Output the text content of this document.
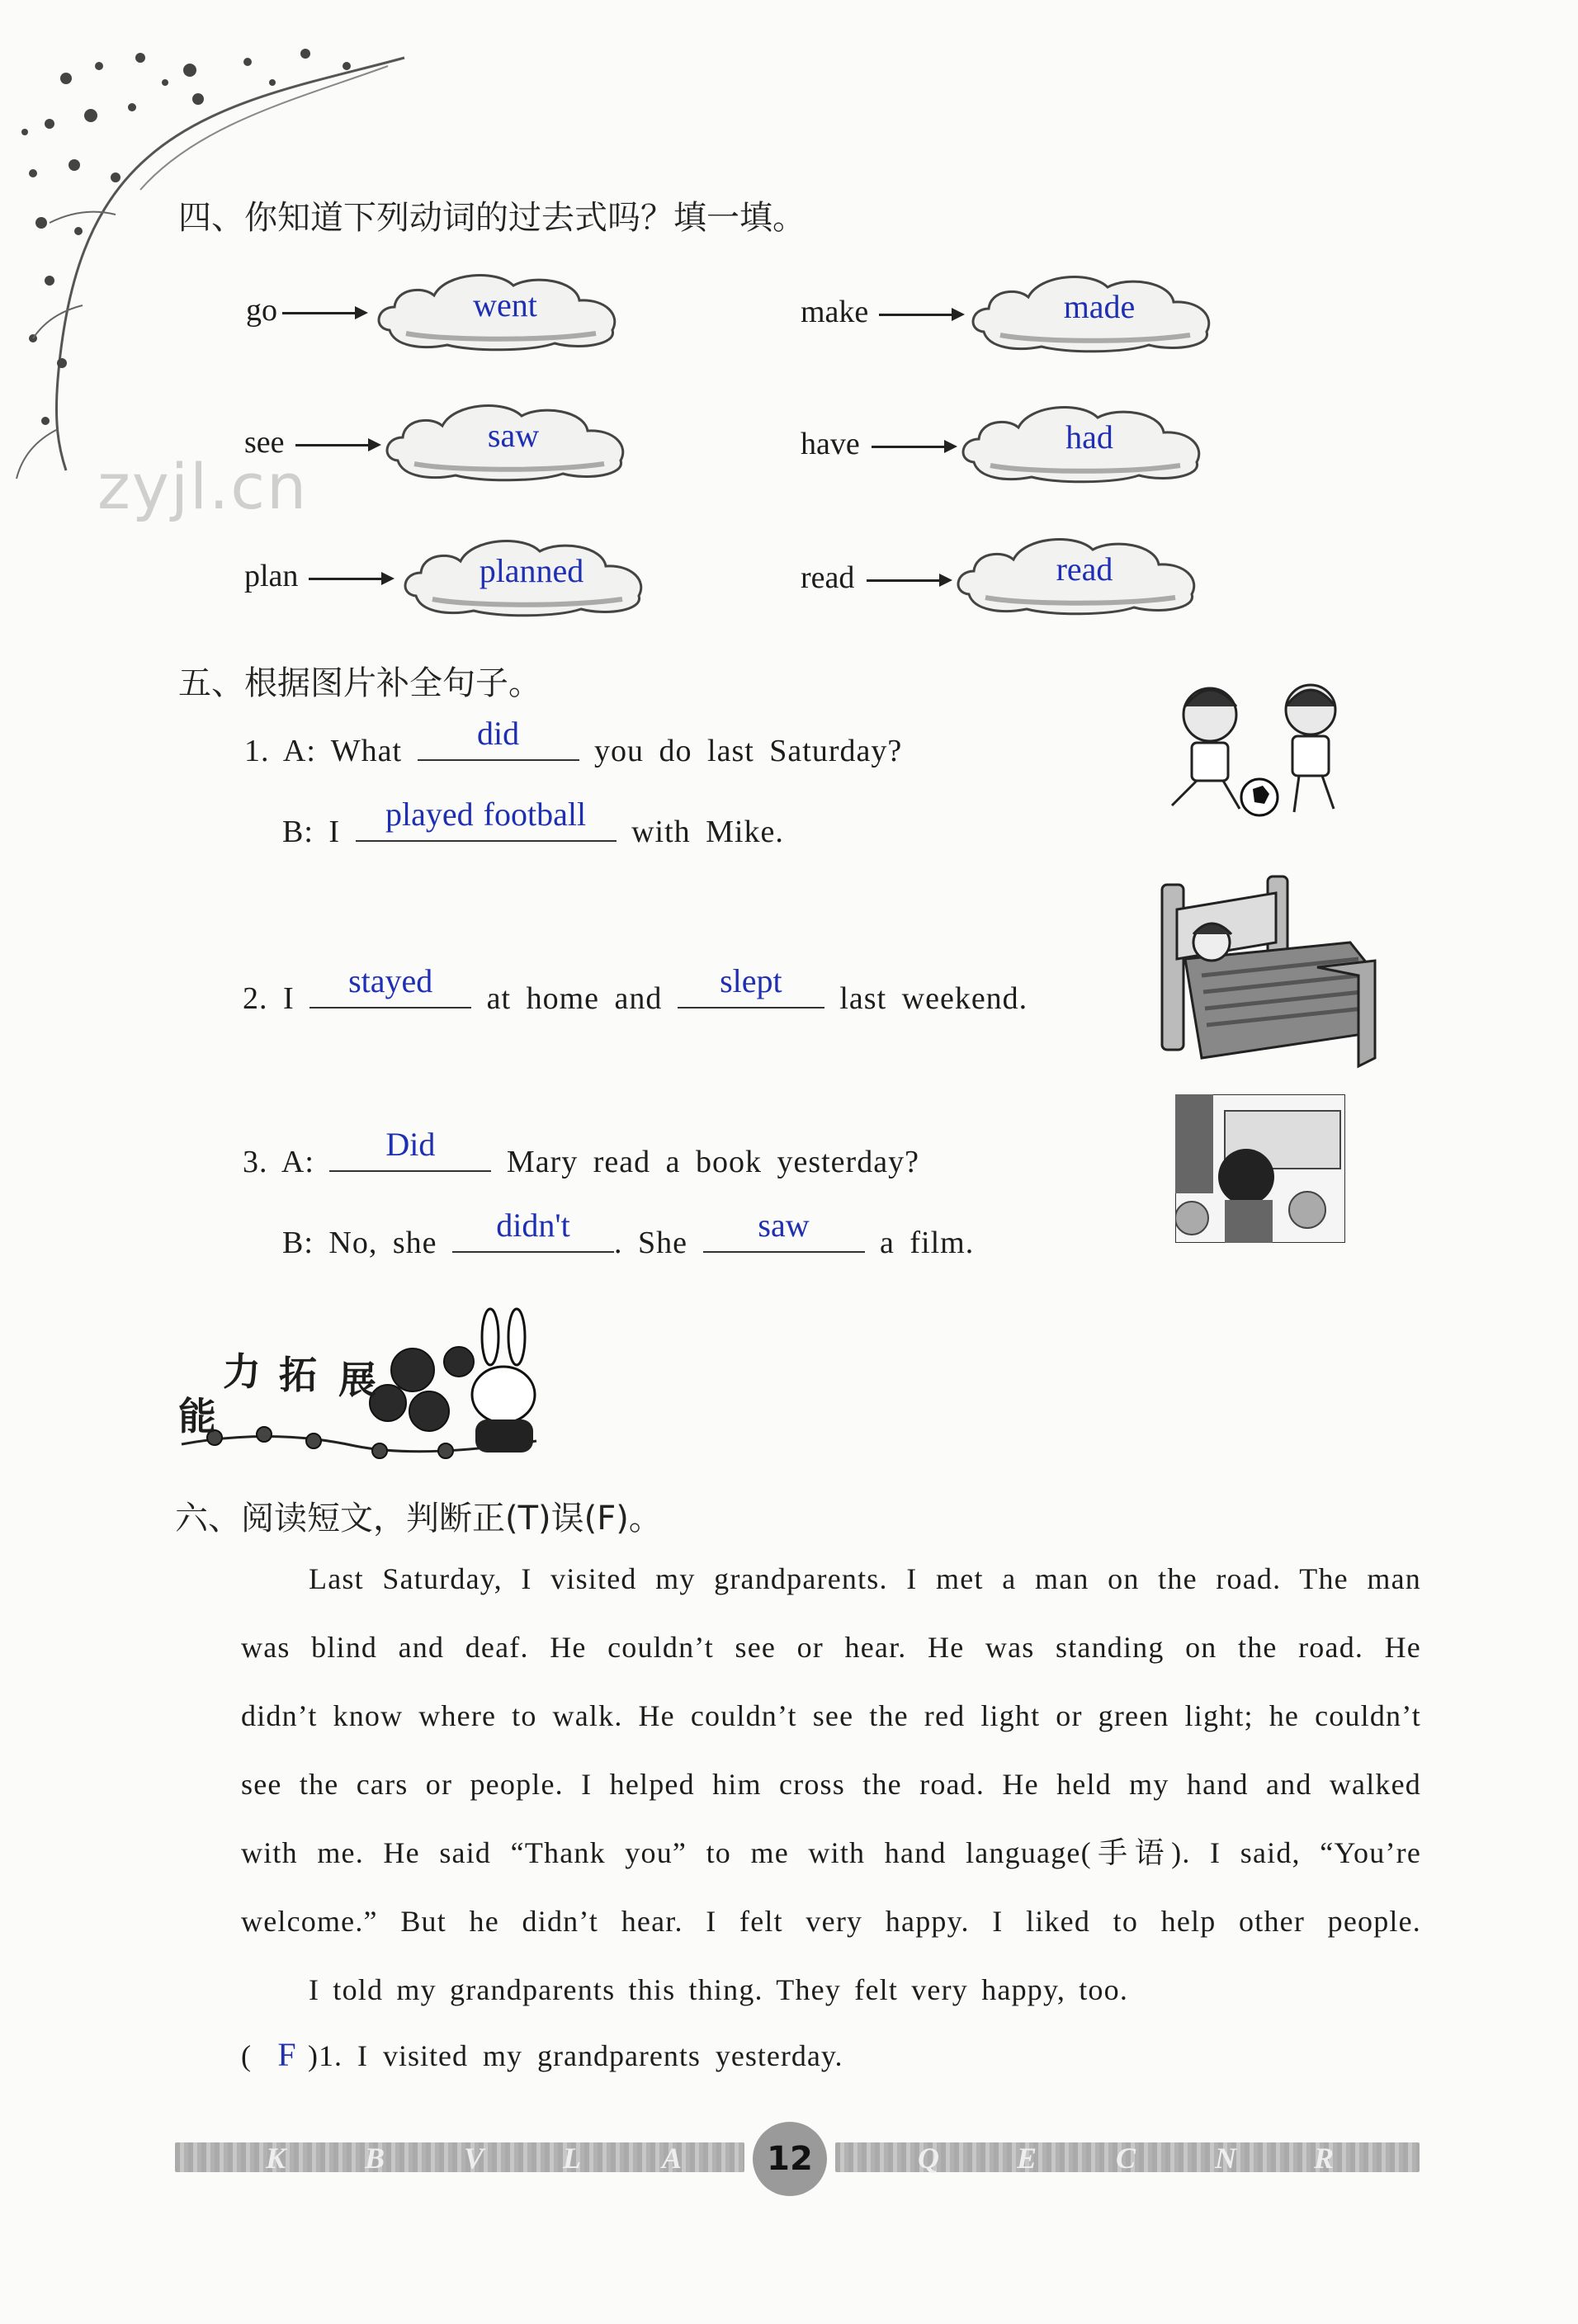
zyjl.cn
四、你知道下列动词的过去式吗？填一填。
go	went	make	made
see	saw	have	had
plan	planned	read	read
五、根据图片补全句子。
1. A: What	did	you do last Saturday?
B: I	played football	with Mike.
2. I	stayed	at home and	slept	last weekend.
3. A:	Did	Mary read a book yesterday?
B: No, she	didn't	. She	saw	a film.
能
力 拓 展
六、阅读短文，判断正(T)误(F)。

Last Saturday, I visited my grandparents. I met a man on the road. The man

was blind and deaf. He couldn’t see or hear. He was standing on the road. He

didn’t know where to walk. He couldn’t see the red light or green light; he couldn’t

see the cars or people. I helped him cross the road. He held my hand and walked

with me. He said “Thank you” to me with hand language(手语). I said, “You’re

welcome.” But he didn’t hear. I felt very happy. I liked to help other people.

I told my grandparents this thing. They felt very happy, too.

( F )1. I visited my grandparents yesterday.
K	B	V	L	A	Q	E	C	N	R
12
